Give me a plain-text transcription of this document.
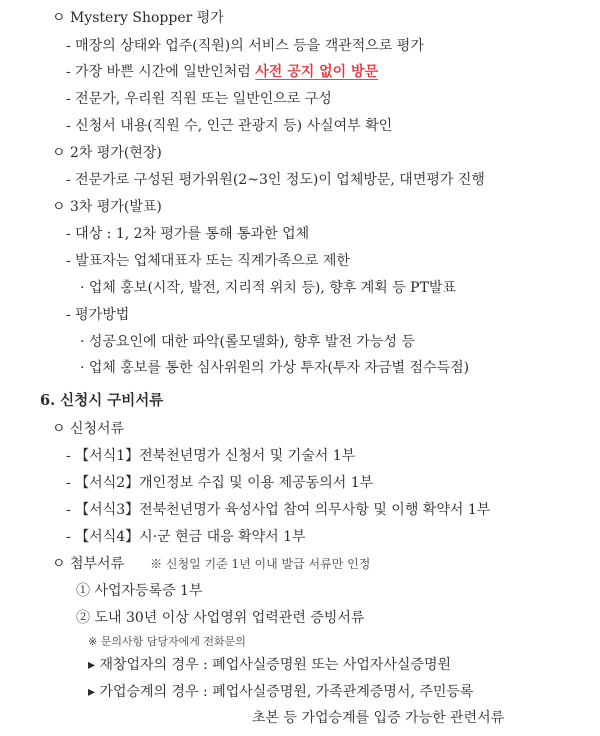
ㅇ Mystery Shopper 평가
- 매장의 상태와 업주(직원)의 서비스 등을 객관적으로 평가
- 가장 바쁜 시간에 일반인처럼 사전 공지 없이 방문
- 전문가, 우리원 직원 또는 일반인으로 구성
- 신청서 내용(직원 수, 인근 관광지 등) 사실여부 확인
ㅇ 2차 평가(현장)
- 전문가로 구성된 평가위원(2~3인 정도)이 업체방문, 대면평가 진행
ㅇ 3차 평가(발표)
- 대상 : 1, 2차 평가를 통해 통과한 업체
- 발표자는 업체대표자 또는 직계가족으로 제한
· 업체 홍보(시작, 발전, 지리적 위치 등), 향후 계획 등 PT발표
- 평가방법
· 성공요인에 대한 파악(롤모델화), 향후 발전 가능성 등
· 업체 홍보를 통한 심사위원의 가상 투자(투자 자금별 점수득점)
6. 신청시 구비서류
ㅇ 신청서류
- 【서식1】전북천년명가 신청서 및 기술서 1부
- 【서식2】개인정보 수집 및 이용 제공동의서 1부
- 【서식3】전북천년명가 육성사업 참여 의무사항 및 이행 확약서 1부
- 【서식4】시·군 현금 대응 확약서 1부
ㅇ 첨부서류 ※ 신청일 기준 1년 이내 발급 서류만 인정
① 사업자등록증 1부
② 도내 30년 이상 사업영위 업력관련 증빙서류
※ 문의사항 담당자에게 전화문의
▸ 재창업자의 경우 : 폐업사실증명원 또는 사업자사실증명원
▸ 가업승계의 경우 : 폐업사실증명원, 가족관계증명서, 주민등록
초본 등 가업승계를 입증 가능한 관련서류
